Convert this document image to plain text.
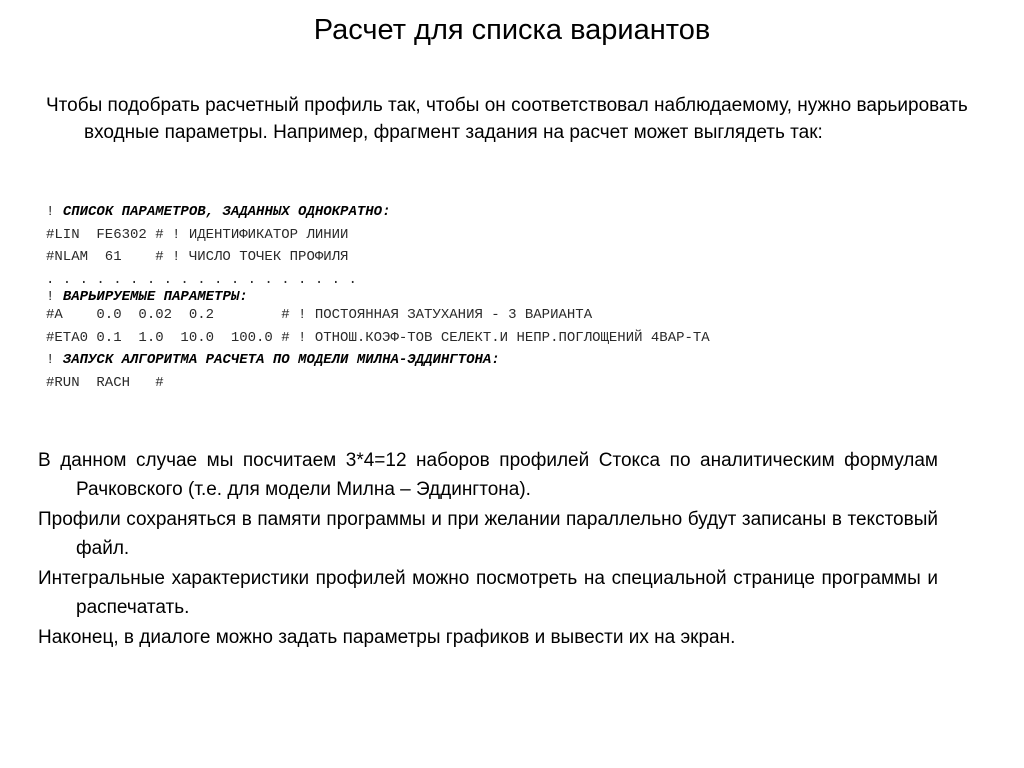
Расчет для списка вариантов
Чтобы подобрать расчетный профиль так, чтобы он соответствовал наблюдаемому, нужно варьировать входные параметры. Например, фрагмент задания на расчет может выглядеть так:
! СПИСОК ПАРАМЕТРОВ, ЗАДАННЫХ ОДНОКРАТНО:
#LIN  FE6302 # ! ИДЕНТИФИКАТОР ЛИНИИ
#NLAM  61    # ! ЧИСЛО ТОЧЕК ПРОФИЛЯ
. . . . . . . . . . . . . . . . . . .
! ВАРЬИРУЕМЫЕ ПАРАМЕТРЫ:
#A    0.0  0.02  0.2        # ! ПОСТОЯННАЯ ЗАТУХАНИЯ - 3 ВАРИАНТА
#ETA0 0.1  1.0  10.0  100.0 # ! ОТНОШ.КОЭФ-ТОВ СЕЛЕКТ.И НЕПР.ПОГЛОЩЕНИЙ 4ВАР-ТА
! ЗАПУСК АЛГОРИТМА РАСЧЕТА ПО МОДЕЛИ МИЛНА-ЭДДИНГТОНА:
#RUN  RACH   #

В данном случае мы посчитаем 3*4=12 наборов профилей Стокса по аналитическим формулам Рачковского (т.е. для модели Милна – Эддингтона).

Профили сохраняться в памяти программы и при желании параллельно будут записаны в текстовый файл.

Интегральные характеристики профилей можно посмотреть на специальной странице программы и распечатать.

Наконец, в диалоге можно задать параметры графиков и вывести их на экран.
